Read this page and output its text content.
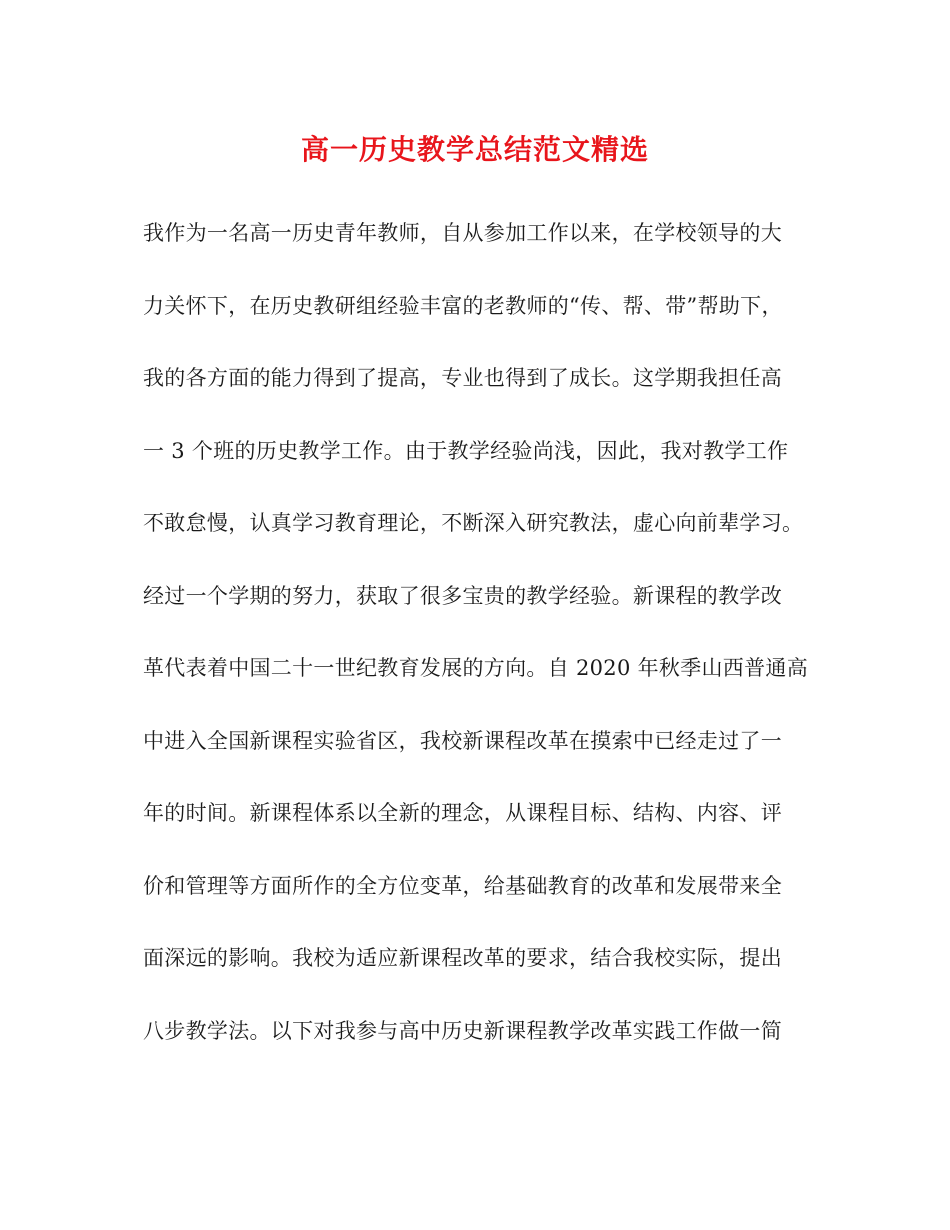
高一历史教学总结范文精选
我作为一名高一历史青年教师，自从参加工作以来，在学校领导的大
力关怀下，在历史教研组经验丰富的老教师的“传、帮、带”帮助下，
我的各方面的能力得到了提高，专业也得到了成长。这学期我担任高
一 3 个班的历史教学工作。由于教学经验尚浅，因此，我对教学工作
不敢怠慢，认真学习教育理论，不断深入研究教法，虚心向前辈学习。
经过一个学期的努力，获取了很多宝贵的教学经验。新课程的教学改
革代表着中国二十一世纪教育发展的方向。自 2020 年秋季山西普通高
中进入全国新课程实验省区，我校新课程改革在摸索中已经走过了一
年的时间。新课程体系以全新的理念，从课程目标、结构、内容、评
价和管理等方面所作的全方位变革，给基础教育的改革和发展带来全
面深远的影响。我校为适应新课程改革的要求，结合我校实际，提出
八步教学法。以下对我参与高中历史新课程教学改革实践工作做一简
